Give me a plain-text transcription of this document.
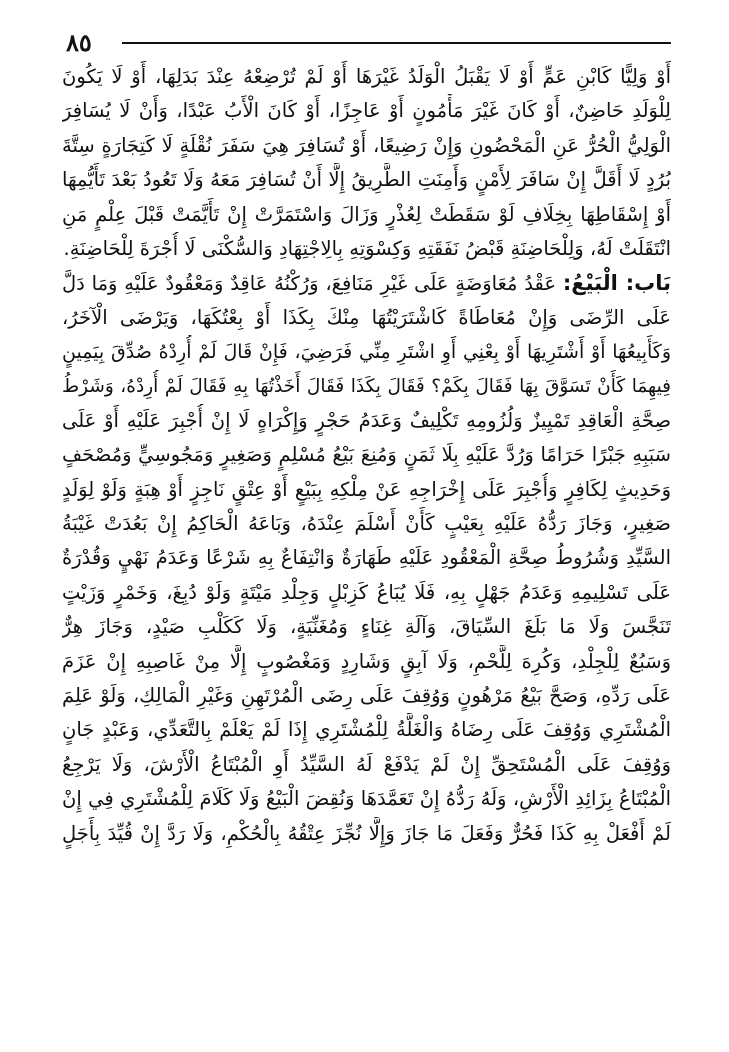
٨٥
أَوْ وَلِيًّا كَابْنِ عَمٍّ أَوْ لَا يَقْبَلُ الْوَلَدُ غَيْرَهَا أَوْ لَمْ تُرْضِعْهُ عِنْدَ بَدَلِهَا، أَوْ لَا يَكُونَ
لِلْوَلَدِ حَاضِنٌ، أَوْ كَانَ غَيْرَ مَأْمُونٍ أَوْ عَاجِزًا، أَوْ كَانَ الْأَبُ عَبْدًا، وَأَنْ لَا يُسَافِرَ
الْوَلِيُّ الْحُرُّ عَنِ الْمَحْضُونِ وَإِنْ رَضِيعًا، أَوْ تُسَافِرَ هِيَ سَفَرَ نُقْلَةٍ لَا كَتِجَارَةٍ سِتَّةَ
بُرُدٍ لَا أَقَلَّ إِنْ سَافَرَ لِأَمْنٍ وَأَمِنَتِ الطَّرِيقُ إِلَّا أَنْ تُسَافِرَ مَعَهُ وَلَا تَعُودُ بَعْدَ تَأَيُّمِهَا
أَوْ إِسْقَاطِهَا بِخِلَافِ لَوْ سَقَطَتْ لِعُذْرٍ وَزَالَ وَاسْتَمَرَّتْ إِنْ تَأَيَّمَتْ قَبْلَ عِلْمٍ مَنِ
انْتَقَلَتْ لَهُ، وَلِلْحَاضِنَةِ قَبْضُ نَفَقَتِهِ وَكِسْوَتِهِ بِالِاجْتِهَادِ وَالسُّكْنَى لَا أُجْرَةَ لِلْحَاضِنَةِ.
بَاب: الْبَيْعُ: عَقْدُ مُعَاوَضَةٍ عَلَى غَيْرِ مَنَافِعَ، وَرُكْنُهُ عَاقِدٌ وَمَعْقُودٌ عَلَيْهِ وَمَا دَلَّ
عَلَى الرِّضَى وَإِنْ مُعَاطَاةً كَاشْتَرَيْتُهَا مِنْكَ بِكَذَا أَوْ بِعْتُكَهَا، وَيَرْضَى الْآخَرُ،
وَكَأَبِيعُهَا أَوْ أَشْتَرِيهَا أَوْ بِعْنِي أَوِ اشْتَرِ مِنِّي فَرَضِيَ، فَإِنْ قَالَ لَمْ أُرِدْهُ صُدِّقَ بِيَمِينٍ
فِيهِمَا كَأَنْ تَسَوَّقَ بِهَا فَقَالَ بِكَمْ؟ فَقَالَ بِكَذَا فَقَالَ أَخَذْتُهَا بِهِ فَقَالَ لَمْ أُرِدْهُ، وَشَرْطُ
صِحَّةِ الْعَاقِدِ تَمْيِيزٌ وَلُزُومِهِ تَكْلِيفٌ وَعَدَمُ حَجْرٍ وَإِكْرَاهٍ لَا إِنْ أُجْبِرَ عَلَيْهِ أَوْ عَلَى
سَبَبِهِ جَبْرًا حَرَامًا وَرُدَّ عَلَيْهِ بِلَا ثَمَنٍ وَمُنِعَ بَيْعُ مُسْلِمٍ وَصَغِيرٍ وَمَجُوسِيٍّ وَمُصْحَفٍ
وَحَدِيثٍ لِكَافِرٍ وَأُجْبِرَ عَلَى إِخْرَاجِهِ عَنْ مِلْكِهِ بِبَيْعٍ أَوْ عِتْقٍ نَاجِزٍ أَوْ هِبَةٍ وَلَوْ لِوَلَدٍ
صَغِيرٍ، وَجَازَ رَدُّهُ عَلَيْهِ بِعَيْبٍ كَأَنْ أَسْلَمَ عِنْدَهُ، وَبَاعَهُ الْحَاكِمُ إِنْ بَعُدَتْ غَيْبَةُ
السَّيِّدِ وَشُرُوطُ صِحَّةِ الْمَعْقُودِ عَلَيْهِ طَهَارَةٌ وَانْتِفَاعٌ بِهِ شَرْعًا وَعَدَمُ نَهْيٍ وَقُدْرَةٌ
عَلَى تَسْلِيمِهِ وَعَدَمُ جَهْلٍ بِهِ، فَلَا يُبَاعُ كَزِبْلٍ وَجِلْدِ مَيْتَةٍ وَلَوْ دُبِغَ، وَخَمْرٍ وَزَيْتٍ
تَنَجَّسَ وَلَا مَا بَلَغَ السِّيَاقَ، وَآلَةِ غِنَاءٍ وَمُغَنِّيَةٍ، وَلَا كَكَلْبِ صَيْدٍ، وَجَازَ هِرٌّ
وَسَبُعٌ لِلْجِلْدِ، وَكُرِهَ لِلَّحْمِ، وَلَا آبِقٍ وَشَارِدٍ وَمَغْصُوبٍ إِلَّا مِنْ غَاصِبِهِ إِنْ عَزَمَ
عَلَى رَدِّهِ، وَصَحَّ بَيْعُ مَرْهُونٍ وَوُقِفَ عَلَى رِضَى الْمُرْتَهِنِ وَغَيْرِ الْمَالِكِ، وَلَوْ عَلِمَ
الْمُشْتَرِي وَوُقِفَ عَلَى رِضَاهُ وَالْغَلَّةُ لِلْمُشْتَرِي إِذَا لَمْ يَعْلَمْ بِالتَّعَدِّي، وَعَبْدٍ جَانٍ
وَوُقِفَ عَلَى الْمُسْتَحِقِّ إِنْ لَمْ يَدْفَعْ لَهُ السَّيِّدُ أَوِ الْمُبْتَاعُ الْأَرْشَ، وَلَا يَرْجِعُ
الْمُبْتَاعُ بِزَائِدِ الْأَرْشِ، وَلَهُ رَدُّهُ إِنْ تَعَمَّدَهَا وَنُقِضَ الْبَيْعُ وَلَا كَلَامَ لِلْمُشْتَرِي فِي إِنْ
لَمْ أَفْعَلْ بِهِ كَذَا فَحُرٌّ وَفَعَلَ مَا جَازَ وَإِلَّا نُجِّزَ عِتْقُهُ بِالْحُكْمِ، وَلَا رَدَّ إِنْ قُيِّدَ بِأَجَلٍ
